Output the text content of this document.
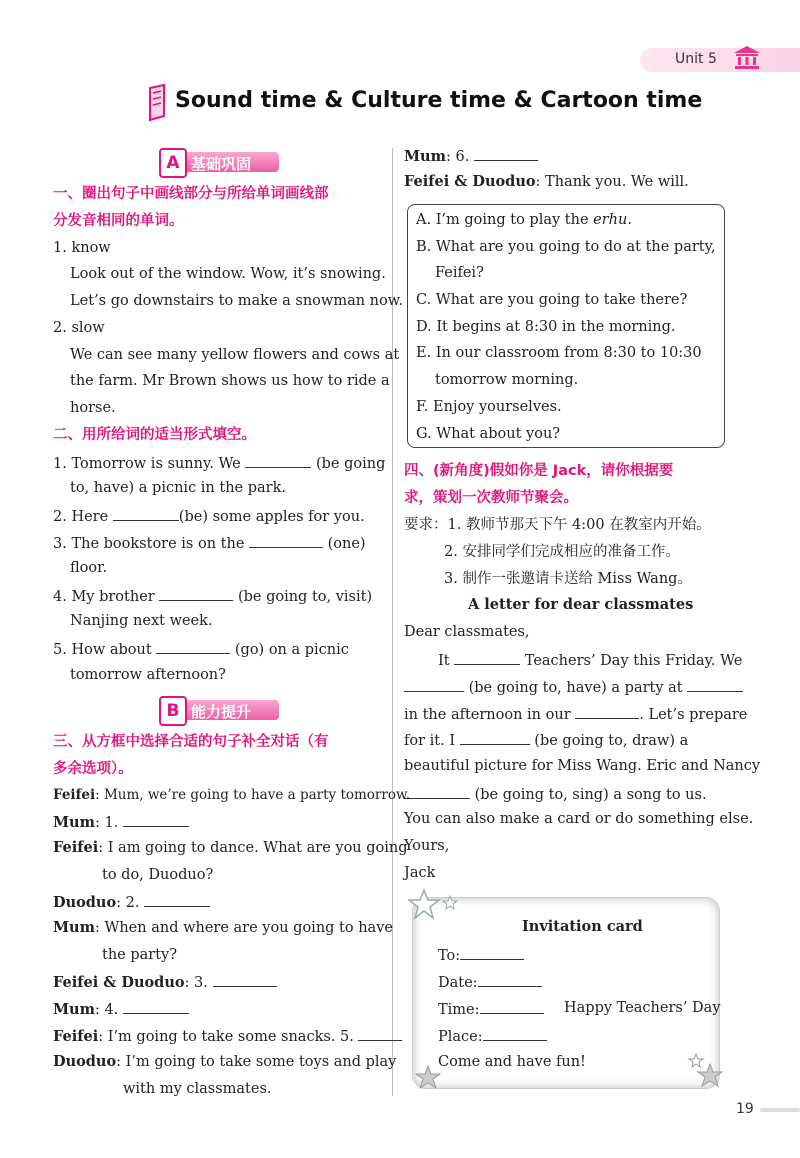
Unit 5
Sound time & Culture time & Cartoon time
A 基础巩固
一、圈出句子中画线部分与所给单词画线部
分发音相同的单词。
1. know
Look out of the window. Wow, it’s snowing.
Let’s go downstairs to make a snowman now.
2. slow
We can see many yellow flowers and cows at
the farm. Mr Brown shows us how to ride a
horse.
二、用所给词的适当形式填空。
1. Tomorrow is sunny. We	(be going
to, have) a picnic in the park.
2. Here	(be) some apples for you.
3. The bookstore is on the	(one)
floor.
4. My brother	(be going to, visit)
Nanjing next week.
5. How about	(go) on a picnic
tomorrow afternoon?
B 能力提升
三、从方框中选择合适的句子补全对话（有
多余选项）。
Feifei: Mum, we’re going to have a party tomorrow.
Mum: 1.
Feifei: I am going to dance. What are you going
to do, Duoduo?
Duoduo: 2.
Mum: When and where are you going to have
the party?
Feifei & Duoduo: 3.
Mum: 4.
Feifei: I’m going to take some snacks. 5.
Duoduo: I’m going to take some toys and play
with my classmates.
Mum: 6.
Feifei & Duoduo: Thank you. We will.
A. I’m going to play the erhu.
B. What are you going to do at the party,
Feifei?
C. What are you going to take there?
D. It begins at 8:30 in the morning.
E. In our classroom from 8:30 to 10:30
tomorrow morning.
F. Enjoy yourselves.
G. What about you?
四、(新角度)假如你是 Jack，请你根据要
求，策划一次教师节聚会。
要求：1. 教师节那天下午 4:00 在教室内开始。
2. 安排同学们完成相应的准备工作。
3. 制作一张邀请卡送给 Miss Wang。
A letter for dear classmates
Dear classmates,
It	Teachers’ Day this Friday. We
(be going to, have) a party at
in the afternoon in our	. Let’s prepare
for it. I	(be going to, draw) a
beautiful picture for Miss Wang. Eric and Nancy
(be going to, sing) a song to us.
You can also make a card or do something else.
Yours,
Jack
Invitation card
To:
Date:
Time:	Happy Teachers’ Day
Place:
Come and have fun!
19
